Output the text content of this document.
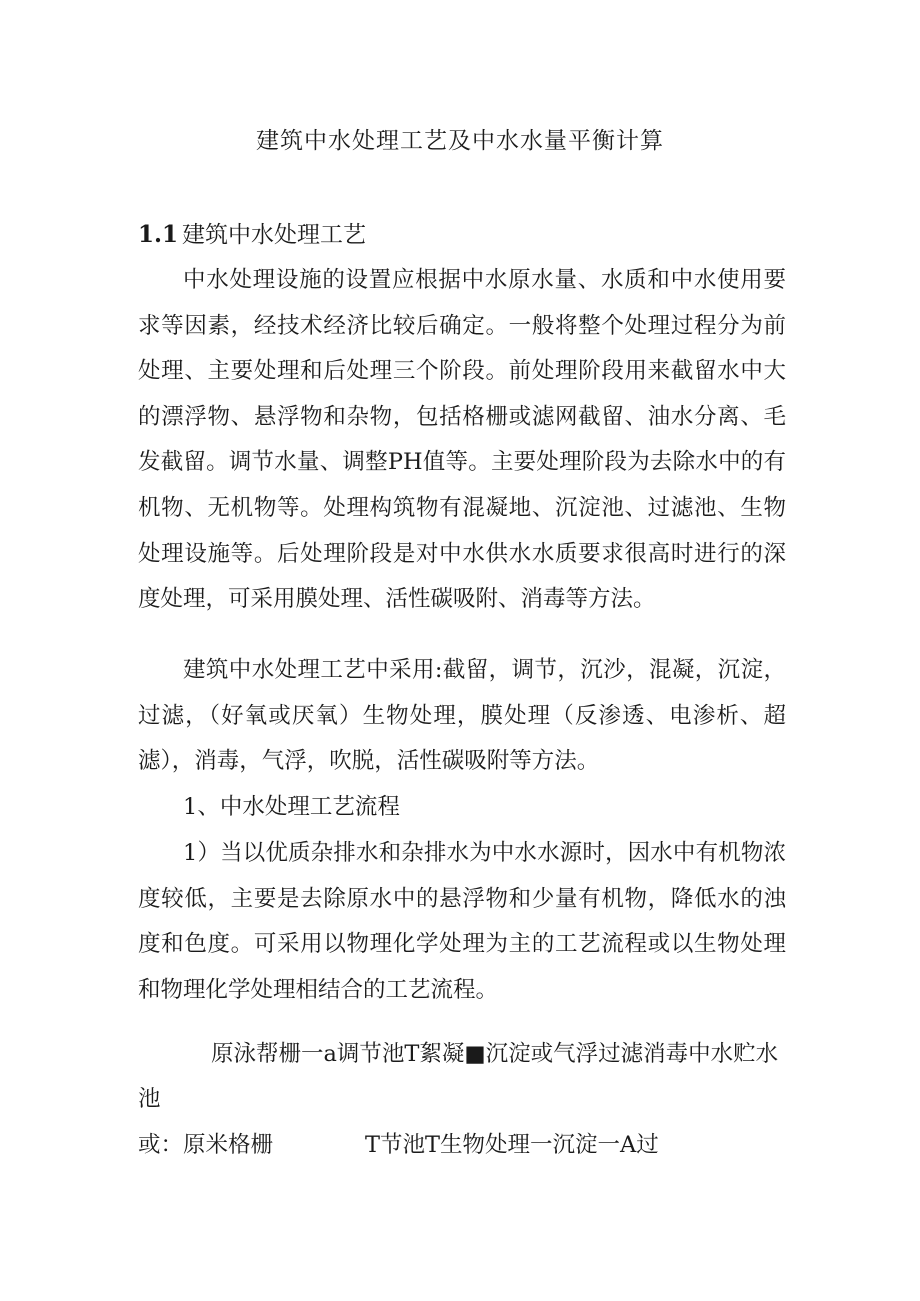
建筑中水处理工艺及中水水量平衡计算
1.1 建筑中水处理工艺

中水处理设施的设置应根据中水原水量、水质和中水使用要求等因素，经技术经济比较后确定。一般将整个处理过程分为前处理、主要处理和后处理三个阶段。前处理阶段用来截留水中大的漂浮物、悬浮物和杂物，包括格栅或滤网截留、油水分离、毛发截留。调节水量、调整PH值等。主要处理阶段为去除水中的有机物、无机物等。处理构筑物有混凝地、沉淀池、过滤池、生物处理设施等。后处理阶段是对中水供水水质要求很高时进行的深度处理，可采用膜处理、活性碳吸附、消毒等方法。

建筑中水处理工艺中采用:截留，调节，沉沙，混凝，沉淀，过滤，（好氧或厌氧）生物处理，膜处理（反渗透、电渗析、超滤），消毒，气浮，吹脱，活性碳吸附等方法。

1、中水处理工艺流程

1）当以优质杂排水和杂排水为中水水源时，因水中有机物浓度较低，主要是去除原水中的悬浮物和少量有机物，降低水的浊度和色度。可采用以物理化学处理为主的工艺流程或以生物处理和物理化学处理相结合的工艺流程。

原泳帮栅一a调节池T絮凝■沉淀或气浮过滤消毒中水贮水池
或：原米格栅	T节池T生物处理一沉淀一A过
